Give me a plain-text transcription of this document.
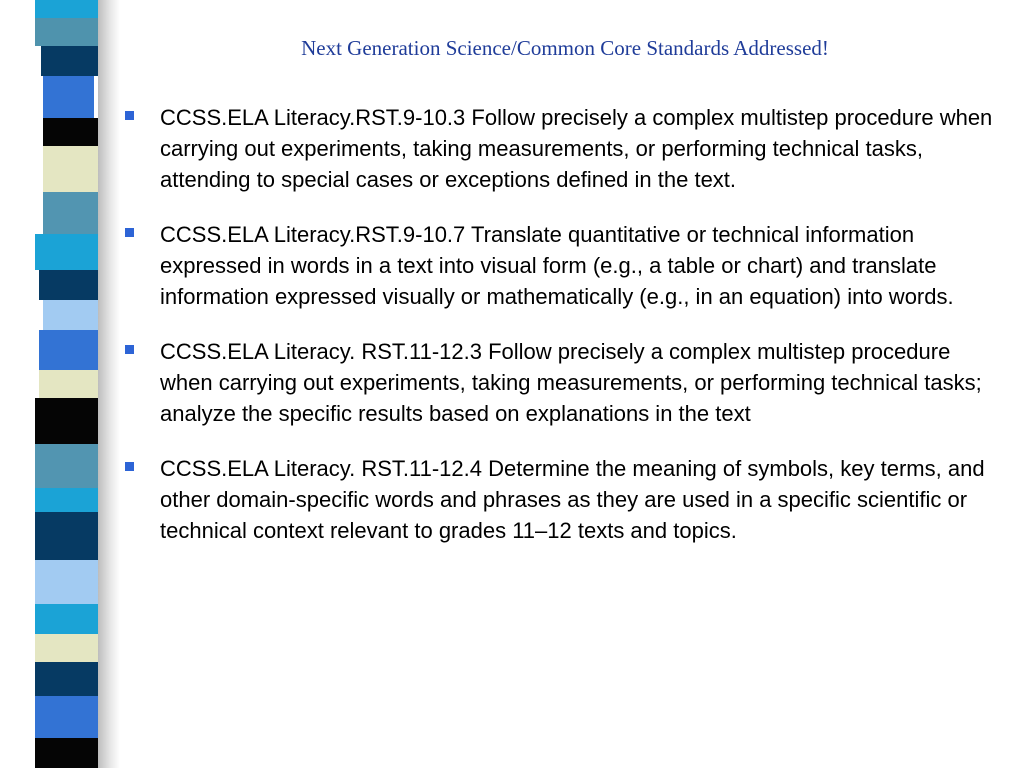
Next Generation Science/Common Core Standards Addressed!
CCSS.ELA Literacy.RST.9-10.3 Follow precisely a complex multistep procedure when carrying out experiments, taking measurements, or performing technical tasks, attending to special cases or exceptions defined in the text.
CCSS.ELA Literacy.RST.9-10.7 Translate quantitative or technical information expressed in words in a text into visual form (e.g., a table or chart) and translate information expressed visually or mathematically (e.g., in an equation) into words.
CCSS.ELA Literacy. RST.11-12.3 Follow precisely a complex multistep procedure when carrying out experiments, taking measurements, or performing technical tasks; analyze the specific results based on explanations in the text
CCSS.ELA Literacy. RST.11-12.4 Determine the meaning of symbols, key terms, and other domain-specific words and phrases as they are used in a specific scientific or technical context relevant to grades 11–12 texts and topics.
